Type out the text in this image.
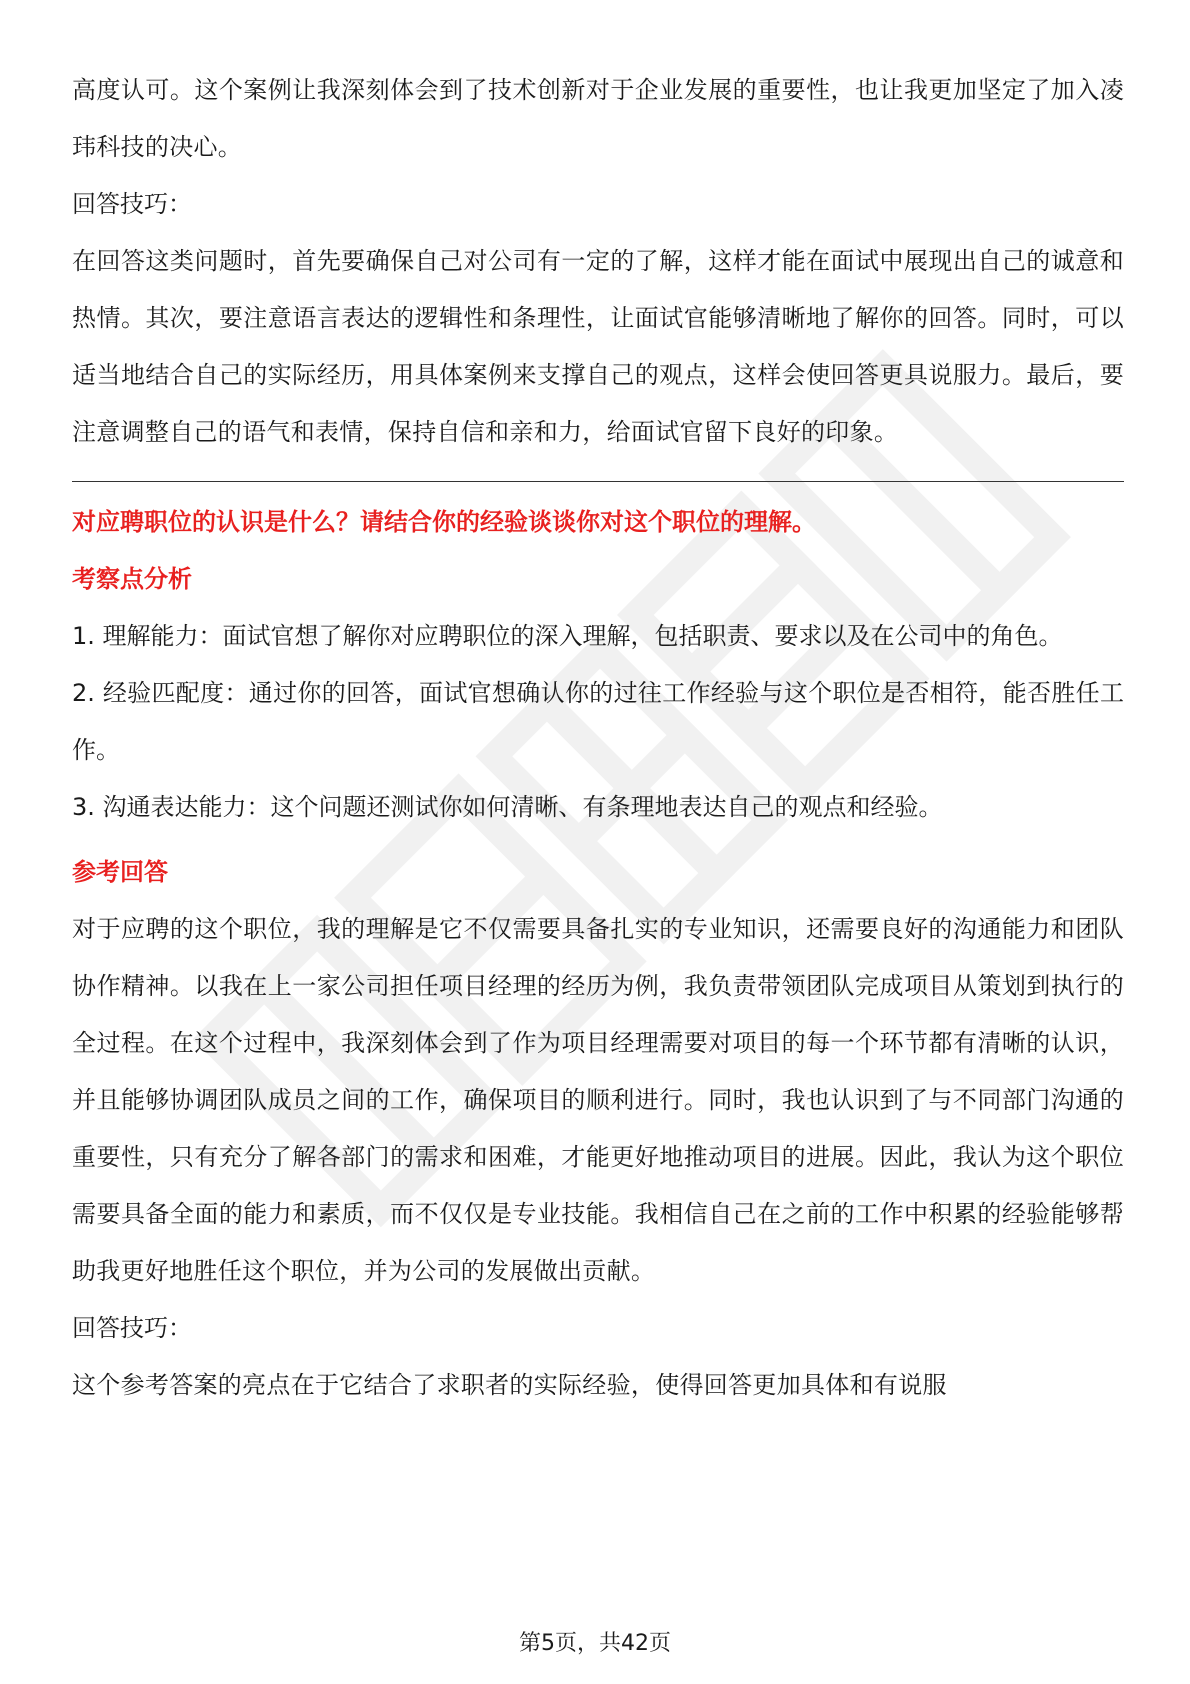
高度认可。这个案例让我深刻体会到了技术创新对于企业发展的重要性，也让我更加坚定了加入凌玮科技的决心。

回答技巧：

在回答这类问题时，首先要确保自己对公司有一定的了解，这样才能在面试中展现出自己的诚意和热情。其次，要注意语言表达的逻辑性和条理性，让面试官能够清晰地了解你的回答。同时，可以适当地结合自己的实际经历，用具体案例来支撑自己的观点，这样会使回答更具说服力。最后，要注意调整自己的语气和表情，保持自信和亲和力，给面试官留下良好的印象。

对应聘职位的认识是什么？请结合你的经验谈谈你对这个职位的理解。

考察点分析

1. 理解能力：面试官想了解你对应聘职位的深入理解，包括职责、要求以及在公司中的角色。

2. 经验匹配度：通过你的回答，面试官想确认你的过往工作经验与这个职位是否相符，能否胜任工作。

3. 沟通表达能力：这个问题还测试你如何清晰、有条理地表达自己的观点和经验。

参考回答

对于应聘的这个职位，我的理解是它不仅需要具备扎实的专业知识，还需要良好的沟通能力和团队协作精神。以我在上一家公司担任项目经理的经历为例，我负责带领团队完成项目从策划到执行的全过程。在这个过程中，我深刻体会到了作为项目经理需要对项目的每一个环节都有清晰的认识，并且能够协调团队成员之间的工作，确保项目的顺利进行。同时，我也认识到了与不同部门沟通的重要性，只有充分了解各部门的需求和困难，才能更好地推动项目的进展。因此，我认为这个职位需要具备全面的能力和素质，而不仅仅是专业技能。我相信自己在之前的工作中积累的经验能够帮助我更好地胜任这个职位，并为公司的发展做出贡献。

回答技巧：

这个参考答案的亮点在于它结合了求职者的实际经验，使得回答更加具体和有说服

第5页，共42页
